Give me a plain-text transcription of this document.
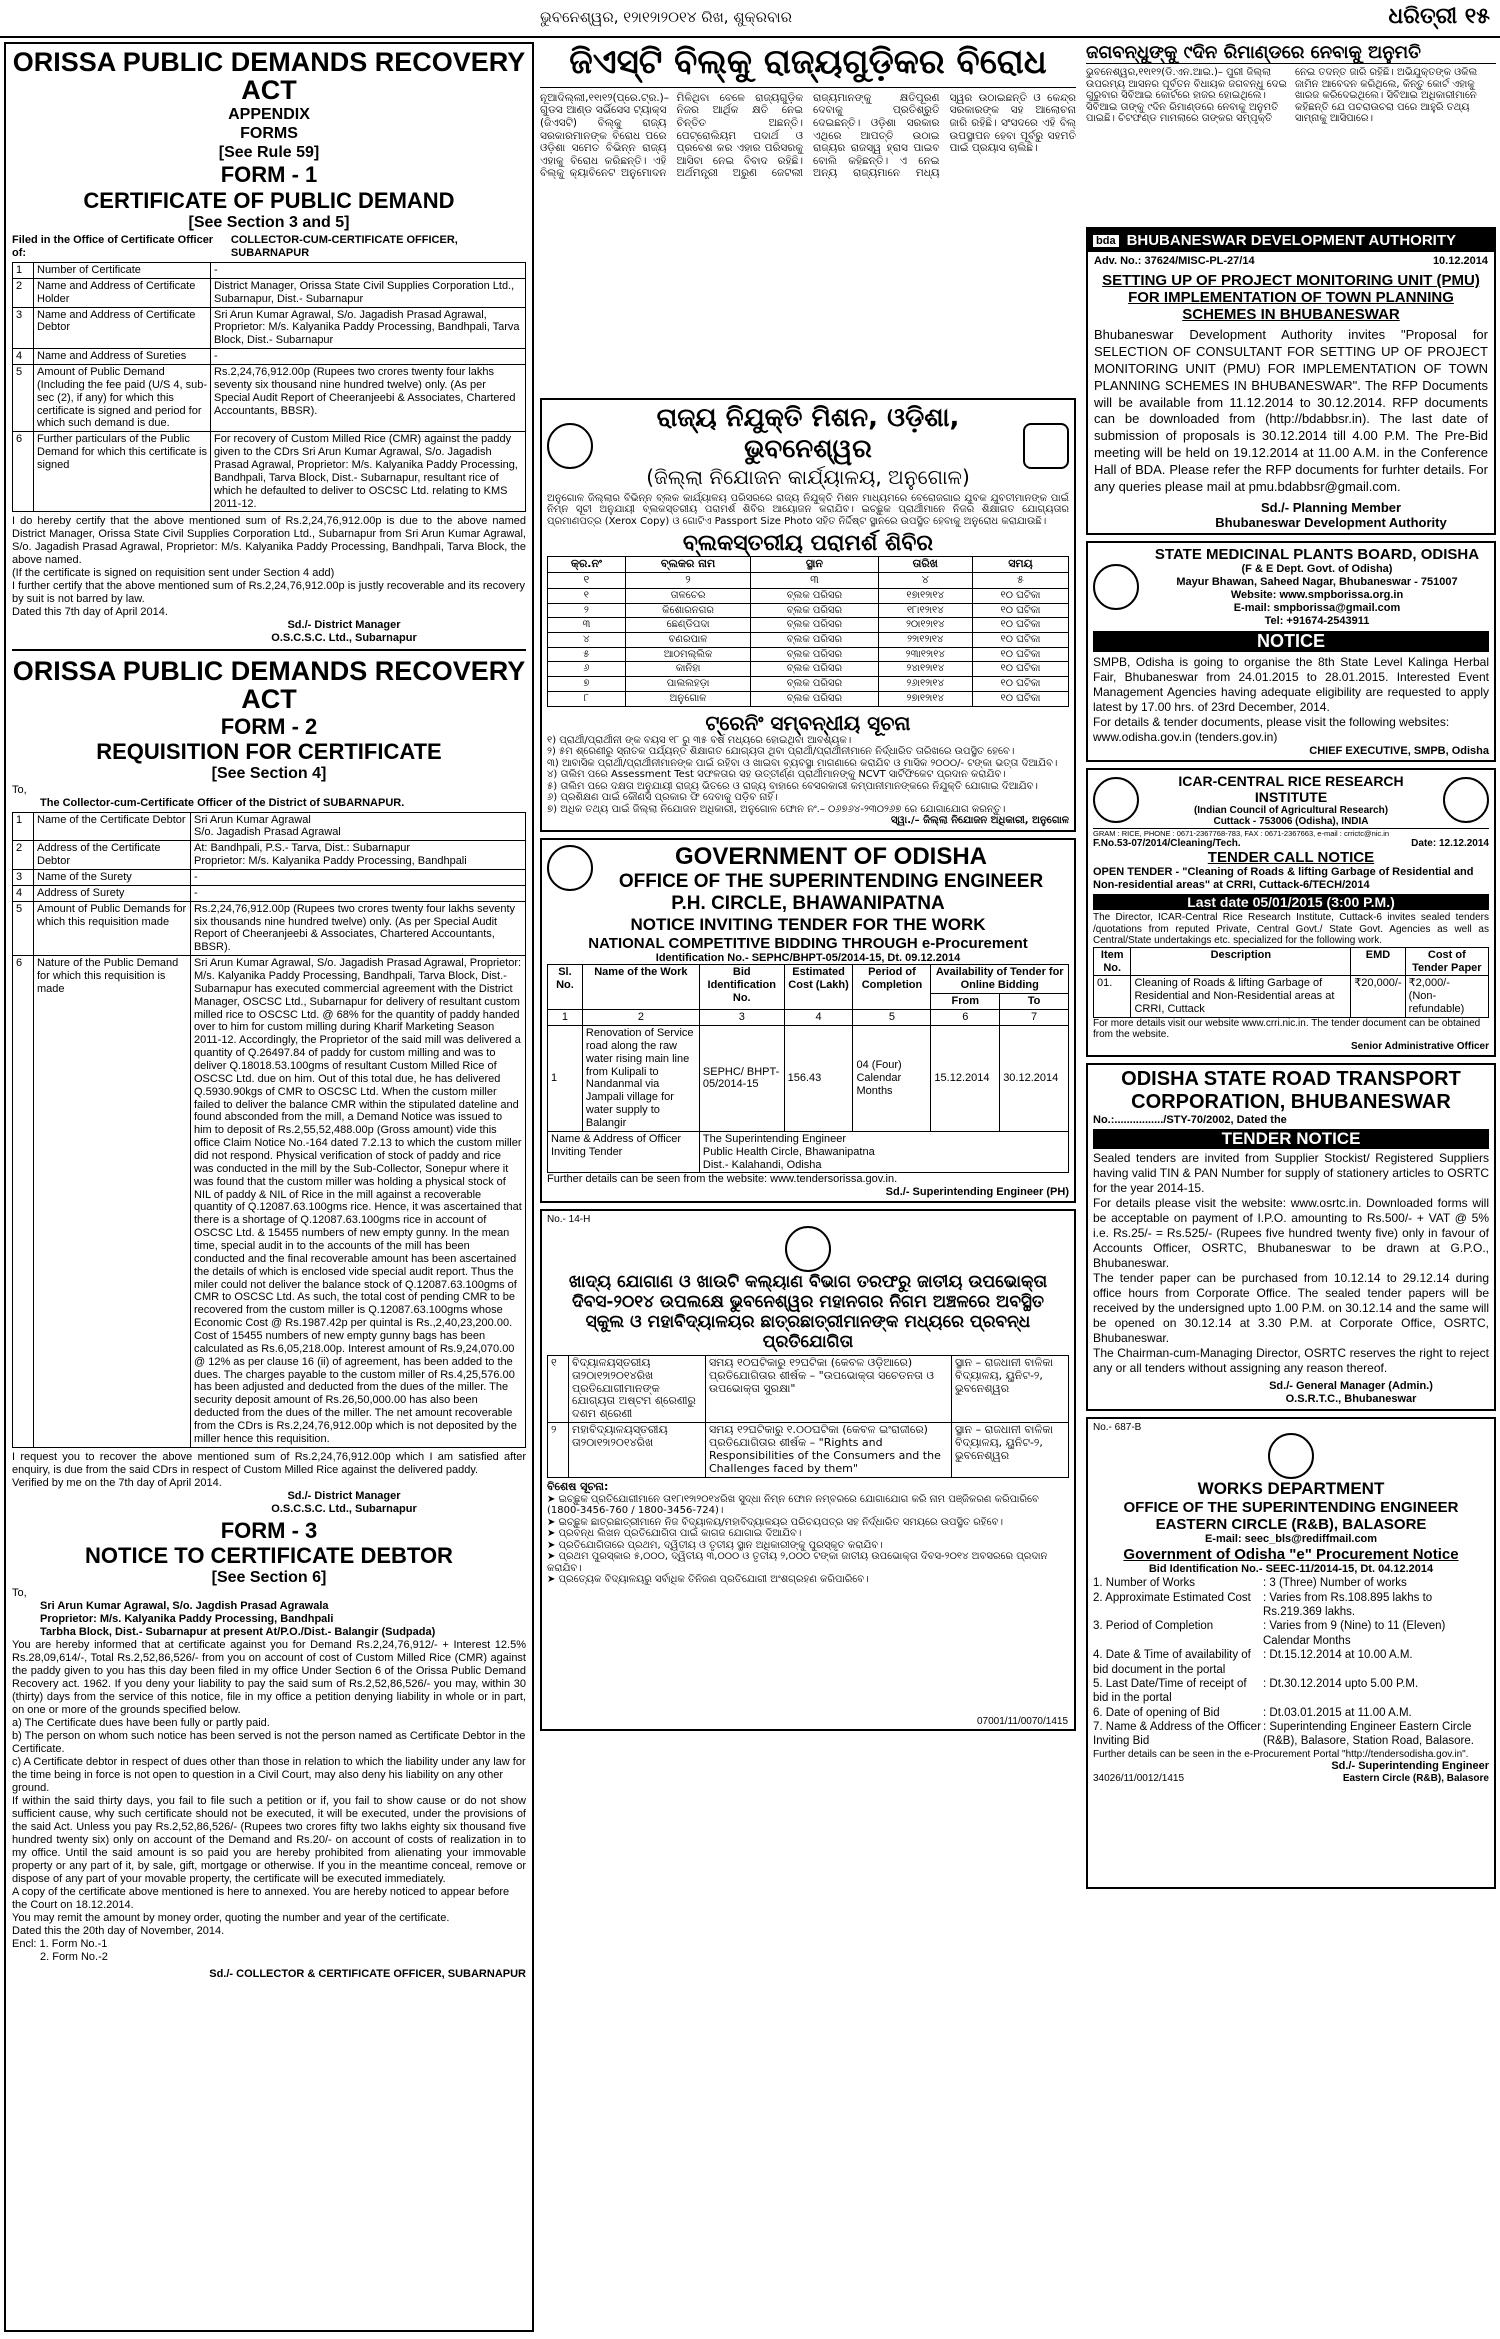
ଭୁବନେଶ୍ୱର, ୧୨ା୧୨ା୨୦୧୪ ରିଖ, ଶୁକ୍ରବାର	ଧରିତ୍ରୀ ୧୫
ORISSA PUBLIC DEMANDS RECOVERY ACT
APPENDIX
FORMS
[See Rule 59]
FORM - 1
CERTIFICATE OF PUBLIC DEMAND
[See Section 3 and 5]
Filed in the Office of Certificate Officer of:
COLLECTOR-CUM-CERTIFICATE OFFICER, SUBARNAPUR
1	Number of Certificate	-
2	Name and Address of Certificate Holder	District Manager, Orissa State Civil Supplies Corporation Ltd., Subarnapur, Dist.- Subarnapur
3	Name and Address of Certificate Debtor	Sri Arun Kumar Agrawal, S/o. Jagadish Prasad Agrawal, Proprietor: M/s. Kalyanika Paddy Processing, Bandhpali, Tarva Block, Dist.- Subarnapur
4	Name and Address of Sureties	-
5	Amount of Public Demand (Including the fee paid (U/S 4, sub-sec (2), if any) for which this certificate is signed and period for which such demand is due.	Rs.2,24,76,912.00p (Rupees two crores twenty four lakhs seventy six thousand nine hundred twelve) only. (As per Special Audit Report of Cheeranjeebi & Associates, Chartered Accountants, BBSR).
6	Further particulars of the Public Demand for which this certificate is signed	For recovery of Custom Milled Rice (CMR) against the paddy given to the CDrs Sri Arun Kumar Agrawal, S/o. Jagadish Prasad Agrawal, Proprietor: M/s. Kalyanika Paddy Processing, Bandhpali, Tarva Block, Dist.- Subarnapur, resultant rice of which he defaulted to deliver to OSCSC Ltd. relating to KMS 2011-12.
I do hereby certify that the above mentioned sum of Rs.2,24,76,912.00p is due to the above named District Manager, Orissa State Civil Supplies Corporation Ltd., Subarnapur from Sri Arun Kumar Agrawal, S/o. Jagadish Prasad Agrawal, Proprietor: M/s. Kalyanika Paddy Processing, Bandhpali, Tarva Block, the above named.
(If the certificate is signed on requisition sent under Section 4 add)
I further certify that the above mentioned sum of Rs.2,24,76,912.00p is justly recoverable and its recovery by suit is not barred by law.
Dated this 7th day of April 2014.
Sd./- District Manager
O.S.C.S.C. Ltd., Subarnapur
ORISSA PUBLIC DEMANDS RECOVERY ACT
FORM - 2
REQUISITION FOR CERTIFICATE
[See Section 4]
To,
The Collector-cum-Certificate Officer of the District of SUBARNAPUR.
1	Name of the Certificate Debtor	Sri Arun Kumar Agrawal
S/o. Jagadish Prasad Agrawal
2	Address of the Certificate Debtor	At: Bandhpali, P.S.- Tarva, Dist.: Subarnapur
Proprietor: M/s. Kalyanika Paddy Processing, Bandhpali
3	Name of the Surety	-
4	Address of Surety	-
5	Amount of Public Demands for which this requisition made	Rs.2,24,76,912.00p (Rupees two crores twenty four lakhs seventy six thousands nine hundred twelve) only. (As per Special Audit Report of Cheeranjeebi & Associates, Chartered Accountants, BBSR).
6	Nature of the Public Demand for which this requisition is made	Sri Arun Kumar Agrawal, S/o. Jagadish Prasad Agrawal, Proprietor: M/s. Kalyanika Paddy Processing, Bandhpali, Tarva Block, Dist.- Subarnapur has executed commercial agreement with the District Manager, OSCSC Ltd., Subarnapur for delivery of resultant custom milled rice to OSCSC Ltd. @ 68% for the quantity of paddy handed over to him for custom milling during Kharif Marketing Season 2011-12. Accordingly, the Proprietor of the said mill was delivered a quantity of Q.26497.84 of paddy for custom milling and was to deliver Q.18018.53.100gms of resultant Custom Milled Rice of OSCSC Ltd. due on him. Out of this total due, he has delivered Q.5930.90kgs of CMR to OSCSC Ltd. When the custom miller failed to deliver the balance CMR within the stipulated dateline and found absconded from the mill, a Demand Notice was issued to him to deposit of Rs.2,55,52,488.00p (Gross amount) vide this office Claim Notice No.-164 dated 7.2.13 to which the custom miller did not respond. Physical verification of stock of paddy and rice was conducted in the mill by the Sub-Collector, Sonepur where it was found that the custom miller was holding a physical stock of NIL of paddy & NIL of Rice in the mill against a recoverable quantity of Q.12087.63.100gms rice. Hence, it was ascertained that there is a shortage of Q.12087.63.100gms rice in account of OSCSC Ltd. & 15455 numbers of new empty gunny. In the mean time, special audit in to the accounts of the mill has been conducted and the final recoverable amount has been ascertained the details of which is enclosed vide special audit report. Thus the miler could not deliver the balance stock of Q.12087.63.100gms of CMR to OSCSC Ltd. As such, the total cost of pending CMR to be recovered from the custom miller is Q.12087.63.100gms whose Economic Cost @ Rs.1987.42p per quintal is Rs.,2,40,23,200.00. Cost of 15455 numbers of new empty gunny bags has been calculated as Rs.6,05,218.00p. Interest amount of Rs.9,24,070.00 @ 12% as per clause 16 (ii) of agreement, has been added to the dues. The charges payable to the custom miller of Rs.4,25,576.00 has been adjusted and deducted from the dues of the miller. The security deposit amount of Rs.26,50,000.00 has also been deducted from the dues of the miller. The net amount recoverable from the CDrs is Rs.2,24,76,912.00p which is not deposited by the miller hence this requisition.
I request you to recover the above mentioned sum of Rs.2,24,76,912.00p which I am satisfied after enquiry, is due from the said CDrs in respect of Custom Milled Rice against the delivered paddy.
Verified by me on the 7th day of April 2014.
Sd./- District Manager
O.S.C.S.C. Ltd., Subarnapur
FORM - 3
NOTICE TO CERTIFICATE DEBTOR
[See Section 6]
To,
Sri Arun Kumar Agrawal, S/o. Jagdish Prasad Agrawala
Proprietor: M/s. Kalyanika Paddy Processing, Bandhpali
Tarbha Block, Dist.- Subarnapur at present At/P.O./Dist.- Balangir (Sudpada)
You are hereby informed that at certificate against you for Demand Rs.2,24,76,912/- + Interest 12.5% Rs.28,09,614/-, Total Rs.2,52,86,526/- from you on account of cost of Custom Milled Rice (CMR) against the paddy given to you has this day been filed in my office Under Section 6 of the Orissa Public Demand Recovery act. 1962. If you deny your liability to pay the said sum of Rs.2,52,86,526/- you may, within 30 (thirty) days from the service of this notice, file in my office a petition denying liability in whole or in part, on one or more of the grounds specified below.
a) The Certificate dues have been fully or partly paid.
b) The person on whom such notice has been served is not the person named as Certificate Debtor in the Certificate.
c) A Certificate debtor in respect of dues other than those in relation to which the liability under any law for the time being in force is not open to question in a Civil Court, may also deny his liability on any other ground.
If within the said thirty days, you fail to file such a petition or if, you fail to show cause or do not show sufficient cause, why such certificate should not be executed, it will be executed, under the provisions of the said Act. Unless you pay Rs.2,52,86,526/- (Rupees two crores fifty two lakhs eighty six thousand five hundred twenty six) only on account of the Demand and Rs.20/- on account of costs of realization in to my office. Until the said amount is so paid you are hereby prohibited from alienating your immovable property or any part of it, by sale, gift, mortgage or otherwise. If you in the meantime conceal, remove or dispose of any part of your movable property, the certificate will be executed immediately.
A copy of the certificate above mentioned is here to annexed. You are hereby noticed to appear before the Court on 18.12.2014.
You may remit the amount by money order, quoting the number and year of the certificate.
Dated this the 20th day of November, 2014.
Encl: 1. Form No.-1
2. Form No.-2
Sd./- COLLECTOR & CERTIFICATE OFFICER, SUBARNAPUR
ଜିଏସ୍‌ଟି ବିଲ୍‌କୁ ରାଜ୍ୟଗୁଡ଼ିକର ବିରୋଧ
ନୂଆଦିଲ୍ଲୀ,୧୧ା୧୨(ପ୍ରେ.ଟ୍ର.)– ଗୁଡସ ଆଣ୍ଡ ସର୍ଭିସେସ ଟ୍ୟାକ୍ସ (ଜିଏସଟି) ବିଲ୍‌କୁ ରାଜ୍ୟ ସରକାରମାନଙ୍କ ବିରୋଧ ପରେ ଓଡ଼ିଶା ସମେତ ବିଭିନ୍ନ ରାଜ୍ୟ ଏହାକୁ ବିରୋଧ କରିଛନ୍ତି। ଏହି ବିଲ୍‌କୁ କ୍ୟାବିନେଟ ଅନୁମୋଦନ ମିଳିଥିବା ବେଳେ ରାଜ୍ୟଗୁଡ଼ିକ ନିଜର ଆର୍ଥିକ କ୍ଷତି ନେଇ ଚିନ୍ତିତ ଅଛନ୍ତି। ପେଟ୍ରୋଲିୟମ ପଦାର୍ଥ ଓ ପ୍ରବେଶ କର ଏହାର ପରିସରକୁ ଆସିବା ନେଇ ବିବାଦ ରହିଛି। ଅର୍ଥମନ୍ତ୍ରୀ ଅରୁଣ ଜେଟଲୀ ରାଜ୍ୟମାନଙ୍କୁ କ୍ଷତିପୂରଣ ଦେବାକୁ ପ୍ରତିଶ୍ରୁତି ଦେଇଛନ୍ତି। ଓଡ଼ିଶା ସରକାର ଏଥିରେ ଆପତ୍ତି ଉଠାଇ ରାଜ୍ୟର ରାଜସ୍ୱ ହ୍ରାସ ପାଇବ ବୋଲି କହିଛନ୍ତି। ଏ ନେଇ ଅନ୍ୟ ରାଜ୍ୟମାନେ ମଧ୍ୟ ସ୍ୱର ଉଠାଇଛନ୍ତି ଓ କେନ୍ଦ୍ର ସରକାରଙ୍କ ସହ ଆଲୋଚନା ଜାରି ରହିଛି। ସଂସଦରେ ଏହି ବିଲ୍ ଉପସ୍ଥାପନ ହେବା ପୂର୍ବରୁ ସହମତି ପାଇଁ ପ୍ରୟାସ ଚାଲିଛି।
ରାଜ୍ୟ ନିଯୁକ୍ତି ମିଶନ, ଓଡ଼ିଶା, ଭୁବନେଶ୍ୱର
(ଜିଲ୍ଲା ନିଯୋଜନ କାର୍ଯ୍ୟାଳୟ, ଅନୁଗୋଳ)
ଅନୁଗୋଳ ଜିଲ୍ଲାର ବିଭିନ୍ନ ବ୍ଲକ କାର୍ଯ୍ୟାଳୟ ପରିସରରେ ରାଜ୍ୟ ନିଯୁକ୍ତି ମିଶନ ମାଧ୍ୟମରେ ବେରୋଜଗାର ଯୁବକ ଯୁବତୀମାନଙ୍କ ପାଇଁ ନିମ୍ନ ସୂଚୀ ଅନୁଯାୟୀ ବ୍ଲକସ୍ତରୀୟ ପରାମର୍ଶ ଶିବିର ଆୟୋଜନ କରାଯିବ। ଇଚ୍ଛୁକ ପ୍ରାର୍ଥୀମାନେ ନିଜର ଶିକ୍ଷାଗତ ଯୋଗ୍ୟତାର ପ୍ରମାଣପତ୍ର (Xerox Copy) ଓ ଗୋଟିଏ Passport Size Photo ସହିତ ନିର୍ଦ୍ଦିଷ୍ଟ ସ୍ଥାନରେ ଉପସ୍ଥିତ ହେବାକୁ ଅନୁରୋଧ କରାଯାଉଛି।
ବ୍ଲକସ୍ତରୀୟ ପରାମର୍ଶ ଶିବିର
କ୍ର.ନଂ	ବ୍ଲକର ନାମ	ସ୍ଥାନ	ତାରିଖ	ସମୟ
୧	୨	୩	୪	୫
୧	ତାଳଚେର	ବ୍ଲକ ପରିସର	୧୭ା୧୨ା୧୪	୧୦ ଘଟିକା
୨	କିଶୋରନଗର	ବ୍ଲକ ପରିସର	୧୮ା୧୨ା୧୪	୧୦ ଘଟିକା
୩	ଛେଣ୍ଡିପଦା	ବ୍ଲକ ପରିସର	୨୦ା୧୨ା୧୪	୧୦ ଘଟିକା
୪	ବଣରପାଳ	ବ୍ଲକ ପରିସର	୨୨ା୧୨ା୧୪	୧୦ ଘଟିକା
୫	ଆଠମଲ୍ଲିକ	ବ୍ଲକ ପରିସର	୨୩ା୧୨ା୧୪	୧୦ ଘଟିକା
୬	କାନିହା	ବ୍ଲକ ପରିସର	୨୪ା୧୨ା୧୪	୧୦ ଘଟିକା
୭	ପାଲଲହଡ଼ା	ବ୍ଲକ ପରିସର	୨୬ା୧୨ା୧୪	୧୦ ଘଟିକା
୮	ଅନୁଗୋଳ	ବ୍ଲକ ପରିସର	୨୭ା୧୨ା୧୪	୧୦ ଘଟିକା
ଟ୍ରେନିଂ ସମ୍ବନ୍ଧୀୟ ସୂଚନା
୧) ପ୍ରାର୍ଥୀ/ପ୍ରାର୍ଥୀନୀ ଙ୍କ ବୟସ ୧୮ ରୁ ୩୫ ବର୍ଷ ମଧ୍ୟରେ ହୋଇଥିବା ଆବଶ୍ୟକ।
୨) ୫ମ ଶ୍ରେଣୀରୁ ସ୍ନାତକ ପର୍ଯ୍ୟନ୍ତ ଶିକ୍ଷାଗତ ଯୋଗ୍ୟତା ଥିବା ପ୍ରାର୍ଥୀ/ପ୍ରାର୍ଥୀନୀମାନେ ନିର୍ଦ୍ଧାରିତ ତାରିଖରେ ଉପସ୍ଥିତ ହେବେ।
୩) ଆବାସିକ ପ୍ରାର୍ଥୀ/ପ୍ରାର୍ଥୀନୀମାନଙ୍କ ପାଇଁ ରହିବା ଓ ଖାଇବା ବ୍ୟବସ୍ଥା ମାଗଣାରେ କରାଯିବ ଓ ମାସିକ ୨୦୦୦/- ଟଙ୍କା ଭତ୍ତା ଦିଆଯିବ।
୪) ତାଲିମ ପରେ Assessment Test ସଫଳତାର ସହ ଉତ୍ତୀର୍ଣ୍ଣ ପ୍ରାର୍ଥୀମାନଙ୍କୁ NCVT ସାର୍ଟିଫିକେଟ ପ୍ରଦାନ କରାଯିବ।
୫) ତାଲିମ ପରେ ଦକ୍ଷତା ଅନୁଯାୟୀ ରାଜ୍ୟ ଭିତରେ ଓ ରାଜ୍ୟ ବାହାରେ ବେସରକାରୀ କମ୍ପାନୀମାନଙ୍କରେ ନିଯୁକ୍ତି ଯୋଗାଇ ଦିଆଯିବ।
୬) ପ୍ରଶିକ୍ଷଣ ପାଇଁ କୌଣସି ପ୍ରକାର ଫି ଦେବାକୁ ପଡ଼ିବ ନାହିଁ।
୭) ଅଧିକ ତଥ୍ୟ ପାଇଁ ଜିଲ୍ଲା ନିଯୋଜନ ଅଧିକାରୀ, ଅନୁଗୋଳ ଫୋନ ନଂ.– ୦୬୭୬୪-୨୩୦୨୬୭ ରେ ଯୋଗାଯୋଗ କରନ୍ତୁ।
ସ୍ୱା./– ଜିଲ୍ଲା ନିଯୋଜନ ଅଧିକାରୀ, ଅନୁଗୋଳ
GOVERNMENT OF ODISHA
OFFICE OF THE SUPERINTENDING ENGINEER
P.H. CIRCLE, BHAWANIPATNA
NOTICE INVITING TENDER FOR THE WORK
NATIONAL COMPETITIVE BIDDING THROUGH e-Procurement
Identification No.- SEPHC/BHPT-05/2014-15, Dt. 09.12.2014
Sl. No.	Name of the Work	Bid Identification No.	Estimated Cost (Lakh)	Period of Completion	Availability of Tender for Online Bidding	
					From	To
1	2	3	4	5	6	7
1	Renovation of Service road along the raw water rising main line from Kulipali to Nandanmal via Jampali village for water supply to Balangir	SEPHC/ BHPT-05/2014-15	156.43	04 (Four) Calendar Months	15.12.2014	30.12.2014
Name & Address of Officer Inviting Tender		The Superintending Engineer
Public Health Circle, Bhawanipatna
Dist.- Kalahandi, Odisha				
Further details can be seen from the website: www.tendersorissa.gov.in.
Sd./- Superintending Engineer (PH)
No.- 14-H
ଖାଦ୍ୟ ଯୋଗାଣ ଓ ଖାଉଟି କଲ୍ୟାଣ ବିଭାଗ ତରଫରୁ ଜାତୀୟ ଉପଭୋକ୍ତା
ଦିବସ-୨୦୧୪ ଉପଲକ୍ଷେ ଭୁବନେଶ୍ୱର ମହାନଗର ନିଗମ ଅଞ୍ଚଳରେ ଅବସ୍ଥିତ
ସ୍କୁଲ ଓ ମହାବିଦ୍ୟାଳୟର ଛାତ୍ରଛାତ୍ରୀମାନଙ୍କ ମଧ୍ୟରେ ପ୍ରବନ୍ଧ ପ୍ରତିଯୋଗିତା
୧	ବିଦ୍ୟାଳୟସ୍ତରୀୟ ତା୨୦ା୧୨ା୨୦୧୪ରିଖ ପ୍ରତିଯୋଗୀମାନଙ୍କ ଯୋଗ୍ୟତା ଅଷ୍ଟମ ଶ୍ରେଣୀରୁ ଦଶମ ଶ୍ରେଣୀ	ସମୟ ୧୦ଘଟିକାରୁ ୧୨ଘଟିକା (କେବଳ ଓଡ଼ିଆରେ) ପ୍ରତିଯୋଗିତାର ଶୀର୍ଷକ – "ଉପଭୋକ୍ତା ସଚେତନତା ଓ ଉପଭୋକ୍ତା ସୁରକ୍ଷା"	ସ୍ଥାନ – ରାଜଧାନୀ ବାଳିକା ବିଦ୍ୟାଳୟ, ୟୁନିଟ-୨, ଭୁବନେଶ୍ୱର
୨	ମହାବିଦ୍ୟାଳୟସ୍ତରୀୟ ତା୨୦ା୧୨ା୨୦୧୪ରିଖ	ସମୟ ୧୨ଘଟିକାରୁ ୧.୦୦ଘଟିକା (କେବଳ ଇଂରାଜୀରେ) ପ୍ରତିଯୋଗିତାର ଶୀର୍ଷକ – "Rights and Responsibilities of the Consumers and the Challenges faced by them"	ସ୍ଥାନ – ରାଜଧାନୀ ବାଳିକା ବିଦ୍ୟାଳୟ, ୟୁନିଟ-୨, ଭୁବନେଶ୍ୱର
ବିଶେଷ ସୂଚନା:
➤ ଇଚ୍ଛୁକ ପ୍ରତିଯୋଗୀମାନେ ତା୧୮ା୧୨ା୨୦୧୪ରିଖ ସୁଦ୍ଧା ନିମ୍ନ ଫୋନ ନମ୍ବରରେ ଯୋଗାଯୋଗ କରି ନାମ ପଞ୍ଜିକରଣ କରିପାରିବେ (1800-3456-760 / 1800-3456-724)।
➤ ଇଚ୍ଛୁକ ଛାତ୍ରଛାତ୍ରୀମାନେ ନିଜ ବିଦ୍ୟାଳୟ/ମହାବିଦ୍ୟାଳୟର ପରିଚୟପତ୍ର ସହ ନିର୍ଦ୍ଧାରିତ ସମୟରେ ଉପସ୍ଥିତ ରହିବେ।
➤ ପ୍ରବନ୍ଧ ଲିଖନ ପ୍ରତିଯୋଗିତା ପାଇଁ କାଗଜ ଯୋଗାଇ ଦିଆଯିବ।
➤ ପ୍ରତିଯୋଗିତାରେ ପ୍ରଥମ, ଦ୍ୱିତୀୟ ଓ ତୃତୀୟ ସ୍ଥାନ ଅଧିକାରୀଙ୍କୁ ପୁରସ୍କୃତ କରାଯିବ।
➤ ପ୍ରଥମ ପୁରସ୍କାର ୫,୦୦୦, ଦ୍ୱିତୀୟ ୩,୦୦୦ ଓ ତୃତୀୟ ୨,୦୦୦ ଟଙ୍କା ଜାତୀୟ ଉପଭୋକ୍ତା ଦିବସ-୨୦୧୪ ଅବସରରେ ପ୍ରଦାନ କରାଯିବ।
➤ ପ୍ରତ୍ୟେକ ବିଦ୍ୟାଳୟରୁ ସର୍ବାଧିକ ତିନିଜଣ ପ୍ରତିଯୋଗୀ ଅଂଶଗ୍ରହଣ କରିପାରିବେ।
07001/11/0070/1415
ଜଗବନ୍ଧୁଙ୍କୁ ୯ଦିନ ରିମାଣ୍ଡରେ ନେବାକୁ ଅନୁମତି
ଭୁବନେଶ୍ୱର,୧୧ା୧୨(ଡି.ଏନ.ଆଇ.)– ପୁରୀ ଜିଲ୍ଲା ଉପରମ୍ୟ ଆସନର ପୂର୍ବତନ ବିଧାୟକ ଜଗବନ୍ଧୁ ଦେଇ ଗୁରୁବାର ସିବିଆଇ କୋର୍ଟରେ ହାଜର ହୋଇଥିଲେ। ସିବିଆଇ ତାଙ୍କୁ ୯ଦିନ ରିମାଣ୍ଡରେ ନେବାକୁ ଅନୁମତି ପାଇଛି। ଚିଟଫଣ୍ଡ ମାମଲାରେ ତାଙ୍କର ସମ୍ପୃକ୍ତି ନେଇ ତଦନ୍ତ ଜାରି ରହିଛି। ଅଭିଯୁକ୍ତଙ୍କ ଓକିଲ ଜାମିନ ଆବେଦନ କରିଥିଲେ, କିନ୍ତୁ କୋର୍ଟ ଏହାକୁ ଖାରଜ କରିଦେଇଥିଲେ। ସିବିଆଇ ଅଧିକାରୀମାନେ କହିଛନ୍ତି ଯେ ପଚରାଉଚରା ପରେ ଆହୁରି ତଥ୍ୟ ସାମ୍ନାକୁ ଆସିପାରେ।
bda BHUBANESWAR DEVELOPMENT AUTHORITY
Adv. No.: 37624/MISC-PL-27/14	10.12.2014
SETTING UP OF PROJECT MONITORING UNIT (PMU) FOR IMPLEMENTATION OF TOWN PLANNING SCHEMES IN BHUBANESWAR
Bhubaneswar Development Authority invites "Proposal for SELECTION OF CONSULTANT FOR SETTING UP OF PROJECT MONITORING UNIT (PMU) FOR IMPLEMENTATION OF TOWN PLANNING SCHEMES IN BHUBANESWAR". The RFP Documents will be available from 11.12.2014 to 30.12.2014. RFP documents can be downloaded from (http://bdabbsr.in). The last date of submission of proposals is 30.12.2014 till 4.00 P.M. The Pre-Bid meeting will be held on 19.12.2014 at 11.00 A.M. in the Conference Hall of BDA. Please refer the RFP documents for furhter details. For any queries please mail at pmu.bdabbsr@gmail.com.
Sd./- Planning Member
Bhubaneswar Development Authority
STATE MEDICINAL PLANTS BOARD, ODISHA
(F & E Dept. Govt. of Odisha)
Mayur Bhawan, Saheed Nagar, Bhubaneswar - 751007
Website: www.smpborissa.org.in
E-mail: smpborissa@gmail.com
Tel: +91674-2543911
NOTICE
SMPB, Odisha is going to organise the 8th State Level Kalinga Herbal Fair, Bhubaneswar from 24.01.2015 to 28.01.2015. Interested Event Management Agencies having adequate eligibility are requested to apply latest by 17.00 hrs. of 23rd December, 2014.
For details & tender documents, please visit the following websites: www.odisha.gov.in (tenders.gov.in)
CHIEF EXECUTIVE, SMPB, Odisha
ICAR-CENTRAL RICE RESEARCH INSTITUTE
(Indian Council of Agricultural Research)
Cuttack - 753006 (Odisha), INDIA
GRAM : RICE, PHONE : 0671-2367768-783, FAX : 0671-2367663, e-mail : crrictc@nic.in
F.No.53-07/2014/Cleaning/Tech.	Date: 12.12.2014
TENDER CALL NOTICE
OPEN TENDER - "Cleaning of Roads & lifting Garbage of Residential and Non-residential areas" at CRRI, Cuttack-6/TECH/2014
Last date 05/01/2015 (3:00 P.M.)
The Director, ICAR-Central Rice Research Institute, Cuttack-6 invites sealed tenders /quotations from reputed Private, Central Govt./ State Govt. Agencies as well as Central/State undertakings etc. specialized for the following work.
Item No.	Description	EMD	Cost of Tender Paper
01.	Cleaning of Roads & lifting Garbage of Residential and Non-Residential areas at CRRI, Cuttack	₹20,000/-	₹2,000/-
(Non-refundable)
For more details visit our website www.crri.nic.in. The tender document can be obtained from the website.
Senior Administrative Officer
ODISHA STATE ROAD TRANSPORT CORPORATION, BHUBANESWAR
No.:................/STY-70/2002, Dated the
TENDER NOTICE
Sealed tenders are invited from Supplier Stockist/ Registered Suppliers having valid TIN & PAN Number for supply of stationery articles to OSRTC for the year 2014-15.
For details please visit the website: www.osrtc.in. Downloaded forms will be acceptable on payment of I.P.O. amounting to Rs.500/- + VAT @ 5% i.e. Rs.25/- = Rs.525/- (Rupees five hundred twenty five) only in favour of Accounts Officer, OSRTC, Bhubaneswar to be drawn at G.P.O., Bhubaneswar.
The tender paper can be purchased from 10.12.14 to 29.12.14 during office hours from Corporate Office. The sealed tender papers will be received by the undersigned upto 1.00 P.M. on 30.12.14 and the same will be opened on 30.12.14 at 3.30 P.M. at Corporate Office, OSRTC, Bhubaneswar.
The Chairman-cum-Managing Director, OSRTC reserves the right to reject any or all tenders without assigning any reason thereof.
Sd./- General Manager (Admin.)
O.S.R.T.C., Bhubaneswar
No.- 687-B
WORKS DEPARTMENT
OFFICE OF THE SUPERINTENDING ENGINEER
EASTERN CIRCLE (R&B), BALASORE
E-mail: seec_bls@rediffmail.com
Government of Odisha "e" Procurement Notice
Bid Identification No.- SEEC-11/2014-15, Dt. 04.12.2014
1. Number of Works	: 3 (Three) Number of works
2. Approximate Estimated Cost	: Varies from Rs.108.895 lakhs to Rs.219.369 lakhs.
3. Period of Completion	: Varies from 9 (Nine) to 11 (Eleven) Calendar Months
4. Date & Time of availability of bid document in the portal
: Dt.15.12.2014 at 10.00 A.M.
5. Last Date/Time of receipt of bid in the portal
: Dt.30.12.2014 upto 5.00 P.M.
6. Date of opening of Bid	: Dt.03.01.2015 at 11.00 A.M.
7. Name & Address of the Officer Inviting Bid
: Superintending Engineer Eastern Circle (R&B), Balasore, Station Road, Balasore.
Further details can be seen in the e-Procurement Portal "http://tendersodisha.gov.in".
Sd./- Superintending Engineer
34026/11/0012/1415	Eastern Circle (R&B), Balasore
